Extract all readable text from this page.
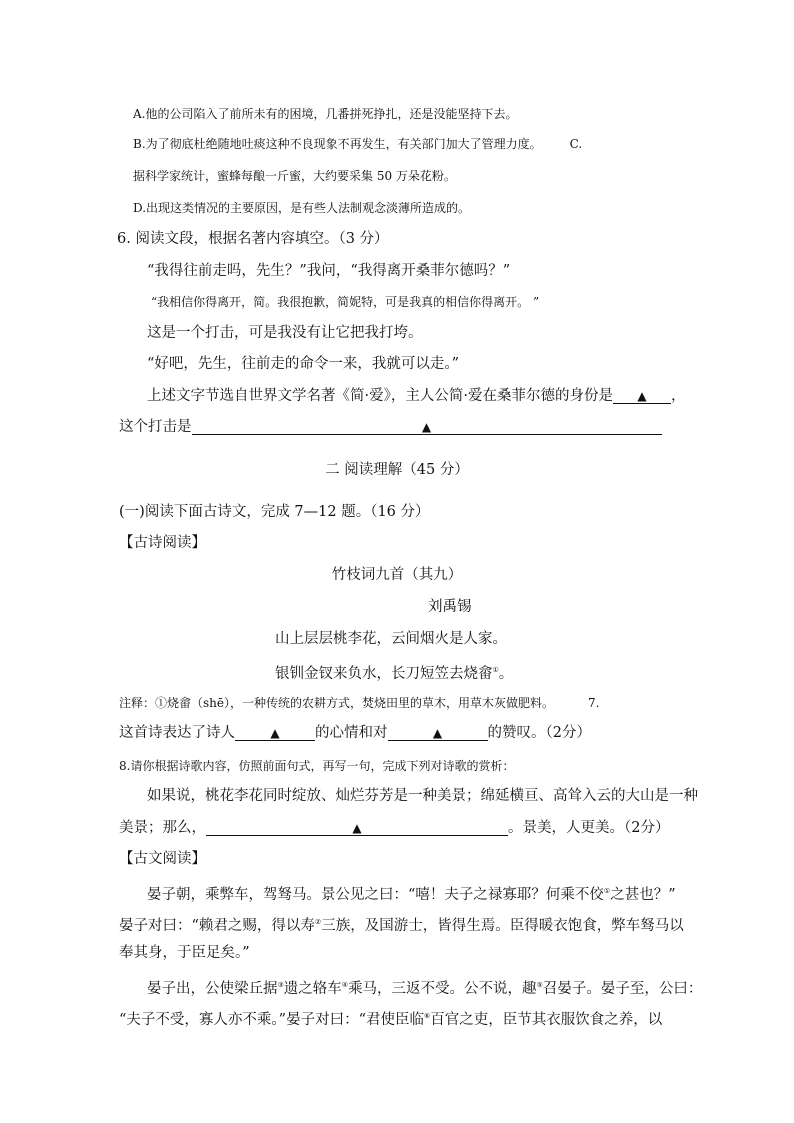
A.他的公司陷入了前所未有的困境，几番拼死挣扎，还是没能坚持下去。
B.为了彻底杜绝随地吐痰这种不良现象不再发生，有关部门加大了管理力度。 C.
据科学家统计，蜜蜂每酿一斤蜜，大约要采集 50 万朵花粉。
D.出现这类情况的主要原因，是有些人法制观念淡薄所造成的。
6. 阅读文段，根据名著内容填空。（3 分）
“我得往前走吗，先生？”我问，“我得离开桑菲尔德吗？”
“我相信你得离开，简。我很抱歉，简妮特，可是我真的相信你得离开。 ”
这是一个打击，可是我没有让它把我打垮。
“好吧，先生，往前走的命令一来，我就可以走。”
上述文字节选自世界文学名著《简·爱》，主人公简·爱在桑菲尔德的身份是 ▲ ，
这个打击是	▲
二 阅读理解（45 分）
(一)阅读下面古诗文，完成 7—12 题。（16 分）
【古诗阅读】
竹枝词九首（其九）
刘禹锡
山上层层桃李花，云间烟火是人家。
银钏金钗来负水，长刀短笠去烧畲①。
注释：①烧畲（shē），一种传统的农耕方式，焚烧田里的草木，用草木灰做肥料。	7.
这首诗表达了诗人	▲ 的心情和对	▲	的赞叹。（2分）
8.请你根据诗歌内容，仿照前面句式，再写一句，完成下列对诗歌的赏析：
如果说，桃花李花同时绽放、灿烂芬芳是一种美景；绵延横亘、高耸入云的大山是一种
美景；那么，	▲	。景美，人更美。（2分）
【古文阅读】
晏子朝，乘弊车，驾驽马。景公见之曰：“嘻！夫子之禄寡耶？何乘不佼①之甚也？”
晏子对曰：“赖君之赐，得以寿②三族，及国游士，皆得生焉。臣得暖衣饱食，弊车驽马以
奉其身，于臣足矣。”
晏子出，公使梁丘据③遗之辂车④乘马，三返不受。公不说，趣⑤召晏子。晏子至，公曰：
“夫子不受，寡人亦不乘。”晏子对曰：“君使臣临⑥百官之吏，臣节其衣服饮食之养，以
